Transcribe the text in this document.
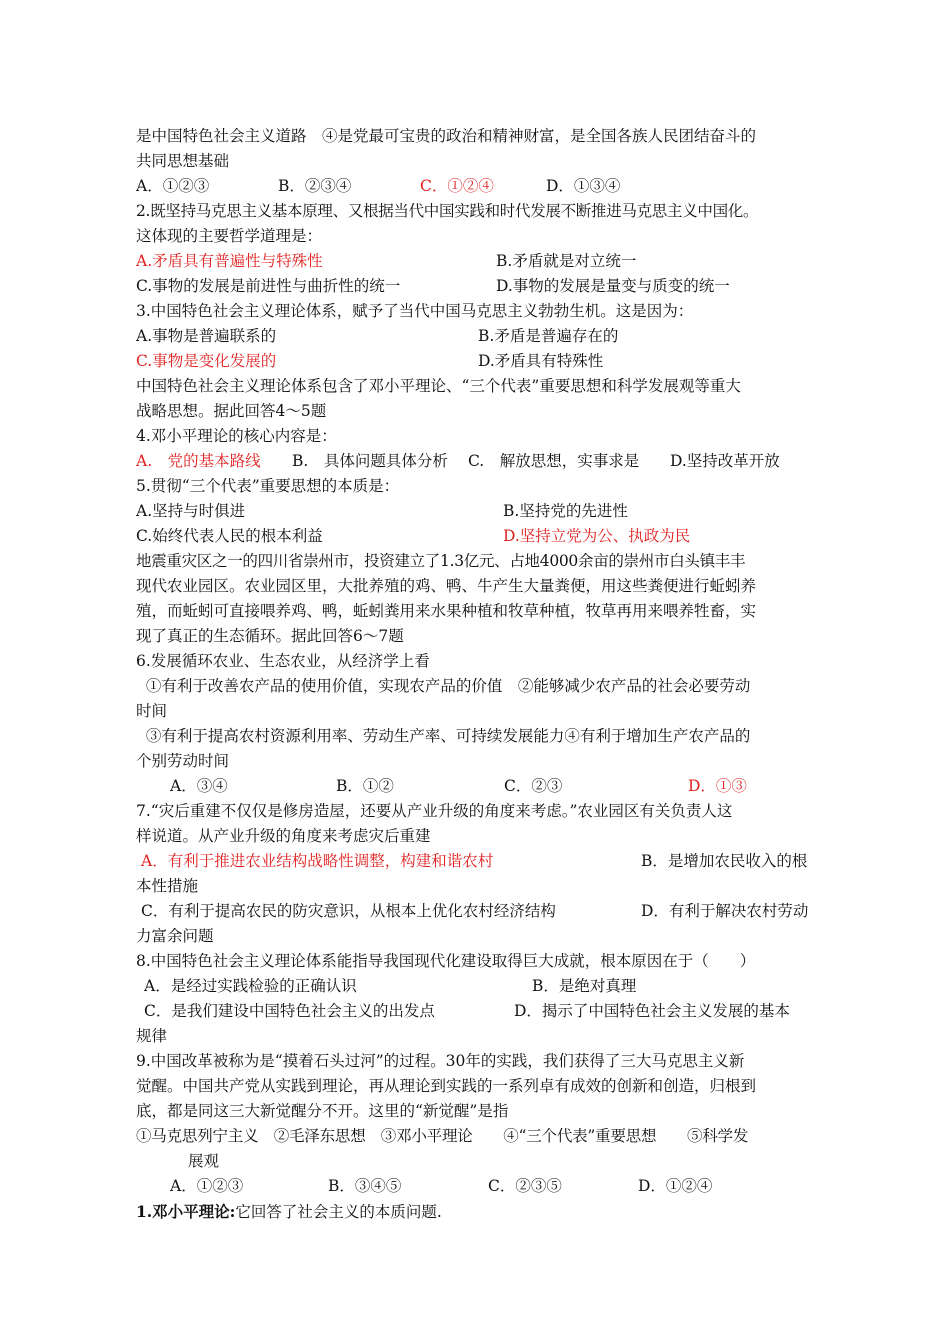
是中国特色社会主义道路　④是党最可宝贵的政治和精神财富，是全国各族人民团结奋斗的
共同思想基础
A．①②③	B．②③④	C．①②④	D．①③④
2.既坚持马克思主义基本原理、又根据当代中国实践和时代发展不断推进马克思主义中国化。
这体现的主要哲学道理是：
A.矛盾具有普遍性与特殊性	B.矛盾就是对立统一
C.事物的发展是前进性与曲折性的统一	D.事物的发展是量变与质变的统一
3.中国特色社会主义理论体系，赋予了当代中国马克思主义勃勃生机。这是因为：
A.事物是普遍联系的	B.矛盾是普遍存在的
C.事物是变化发展的	D.矛盾具有特殊性
中国特色社会主义理论体系包含了邓小平理论、“三个代表”重要思想和科学发展观等重大
战略思想。据此回答4～5题
4.邓小平理论的核心内容是：
A.　党的基本路线	B.　具体问题具体分析	C.　解放思想，实事求是	D.坚持改革开放
5.贯彻“三个代表”重要思想的本质是：
A.坚持与时俱进	B.坚持党的先进性
C.始终代表人民的根本利益	D.坚持立党为公、执政为民
地震重灾区之一的四川省崇州市，投资建立了1.3亿元、占地4000余亩的崇州市白头镇丰丰
现代农业园区。农业园区里，大批养殖的鸡、鸭、牛产生大量粪便，用这些粪便进行蚯蚓养
殖，而蚯蚓可直接喂养鸡、鸭，蚯蚓粪用来水果种植和牧草种植，牧草再用来喂养牲畜，实
现了真正的生态循环。据此回答6～7题
6.发展循环农业、生态农业，从经济学上看
①有利于改善农产品的使用价值，实现农产品的价值　②能够减少农产品的社会必要劳动
时间
③有利于提高农村资源利用率、劳动生产率、可持续发展能力④有利于增加生产农产品的
个别劳动时间
A．③④	B．①②	C．②③	D．①③
7.“灾后重建不仅仅是修房造屋，还要从产业升级的角度来考虑。”农业园区有关负责人这
样说道。从产业升级的角度来考虑灾后重建
A．有利于推进农业结构战略性调整，构建和谐农村	B．是增加农民收入的根
本性措施
C．有利于提高农民的防灾意识，从根本上优化农村经济结构	D．有利于解决农村劳动
力富余问题
8.中国特色社会主义理论体系能指导我国现代化建设取得巨大成就，根本原因在于（　　）
A．是经过实践检验的正确认识	B．是绝对真理
C．是我们建设中国特色社会主义的出发点	D．揭示了中国特色社会主义发展的基本
规律
9.中国改革被称为是“摸着石头过河”的过程。30年的实践，我们获得了三大马克思主义新
觉醒。中国共产党从实践到理论，再从理论到实践的一系列卓有成效的创新和创造，归根到
底，都是同这三大新觉醒分不开。这里的“新觉醒”是指
①马克思列宁主义　②毛泽东思想　③邓小平理论　　④“三个代表”重要思想　　⑤科学发
展观
A．①②③	B．③④⑤	C．②③⑤	D．①②④
1.邓小平理论:它回答了社会主义的本质问题.
